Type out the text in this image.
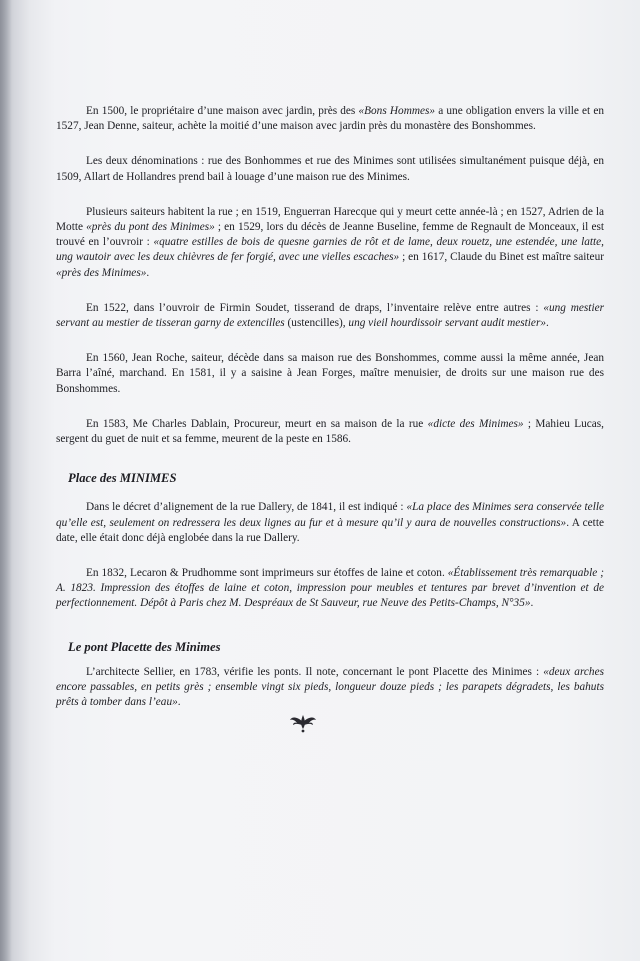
En 1500, le propriétaire d’une maison avec jardin, près des «Bons Hommes» a une obligation envers la ville et en 1527, Jean Denne, saiteur, achète la moitié d’une maison avec jardin près du monastère des Bonshommes.

Les deux dénominations : rue des Bonhommes et rue des Minimes sont utilisées simultanément puisque déjà, en 1509, Allart de Hollandres prend bail à louage d’une maison rue des Minimes.

Plusieurs saiteurs habitent la rue ; en 1519, Enguerran Harecque qui y meurt cette année-là ; en 1527, Adrien de la Motte «près du pont des Minimes» ; en 1529, lors du décès de Jeanne Buseline, femme de Regnault de Monceaux, il est trouvé en l’ouvroir : «quatre estilles de bois de quesne garnies de rôt et de lame, deux rouetz, une estendée, une latte, ung wautoir avec les deux chièvres de fer forgié, avec une vielles escaches» ; en 1617, Claude du Binet est maître saiteur «près des Minimes».

En 1522, dans l’ouvroir de Firmin Soudet, tisserand de draps, l’inventaire relève entre autres : «ung mestier servant au mestier de tisseran garny de extencilles (ustencilles), ung vieil hourdissoir servant audit mestier».

En 1560, Jean Roche, saiteur, décède dans sa maison rue des Bonshommes, comme aussi la même année, Jean Barra l’aîné, marchand. En 1581, il y a saisine à Jean Forges, maître menuisier, de droits sur une maison rue des Bonshommes.

En 1583, Me Charles Dablain, Procureur, meurt en sa maison de la rue «dicte des Minimes» ; Mahieu Lucas, sergent du guet de nuit et sa femme, meurent de la peste en 1586.

Place des MINIMES

Dans le décret d’alignement de la rue Dallery, de 1841, il est indiqué : «La place des Minimes sera conservée telle qu’elle est, seulement on redressera les deux lignes au fur et à mesure qu’il y aura de nouvelles constructions». A cette date, elle était donc déjà englobée dans la rue Dallery.

En 1832, Lecaron & Prudhomme sont imprimeurs sur étoffes de laine et coton. «Établissement très remarquable ; A. 1823. Impression des étoffes de laine et coton, impression pour meubles et tentures par brevet d’invention et de perfectionnement. Dépôt à Paris chez M. Despréaux de St Sauveur, rue Neuve des Petits-Champs, N°35».

Le pont Placette des Minimes

L’architecte Sellier, en 1783, vérifie les ponts. Il note, concernant le pont Placette des Minimes : «deux arches encore passables, en petits grès ; ensemble vingt six pieds, longueur douze pieds ; les parapets dégradets, les bahuts prêts à tomber dans l’eau».
